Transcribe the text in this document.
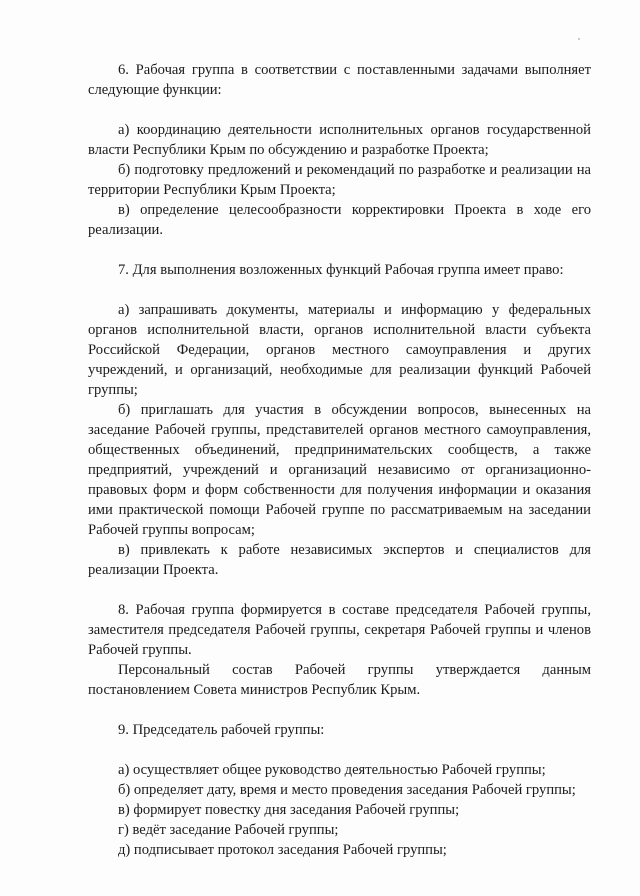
6. Рабочая группа в соответствии с поставленными задачами выполняет следующие функции:

а) координацию деятельности исполнительных органов государственной власти Республики Крым по обсуждению и разработке Проекта;

б) подготовку предложений и рекомендаций по разработке и реализации на территории Республики Крым Проекта;

в) определение целесообразности корректировки Проекта в ходе его реализации.

7. Для выполнения возложенных функций Рабочая группа имеет право:

а) запрашивать документы, материалы и информацию у федеральных органов исполнительной власти, органов исполнительной власти субъекта Российской Федерации, органов местного самоуправления и других учреждений, и организаций, необходимые для реализации функций Рабочей группы;

б) приглашать для участия в обсуждении вопросов, вынесенных на заседание Рабочей группы, представителей органов местного самоуправления, общественных объединений, предпринимательских сообществ, а также предприятий, учреждений и организаций независимо от организационно-правовых форм и форм собственности для получения информации и оказания ими практической помощи Рабочей группе по рассматриваемым на заседании Рабочей группы вопросам;

в) привлекать к работе независимых экспертов и специалистов для реализации Проекта.

8. Рабочая группа формируется в составе председателя Рабочей группы, заместителя председателя Рабочей группы, секретаря Рабочей группы и членов Рабочей группы.

Персональный состав Рабочей группы утверждается данным постановлением Совета министров Республик Крым.

9. Председатель рабочей группы:

а) осуществляет общее руководство деятельностью Рабочей группы;

б) определяет дату, время и место проведения заседания Рабочей группы;

в) формирует повестку дня заседания Рабочей группы;

г) ведёт заседание Рабочей группы;

д) подписывает протокол заседания Рабочей группы;
